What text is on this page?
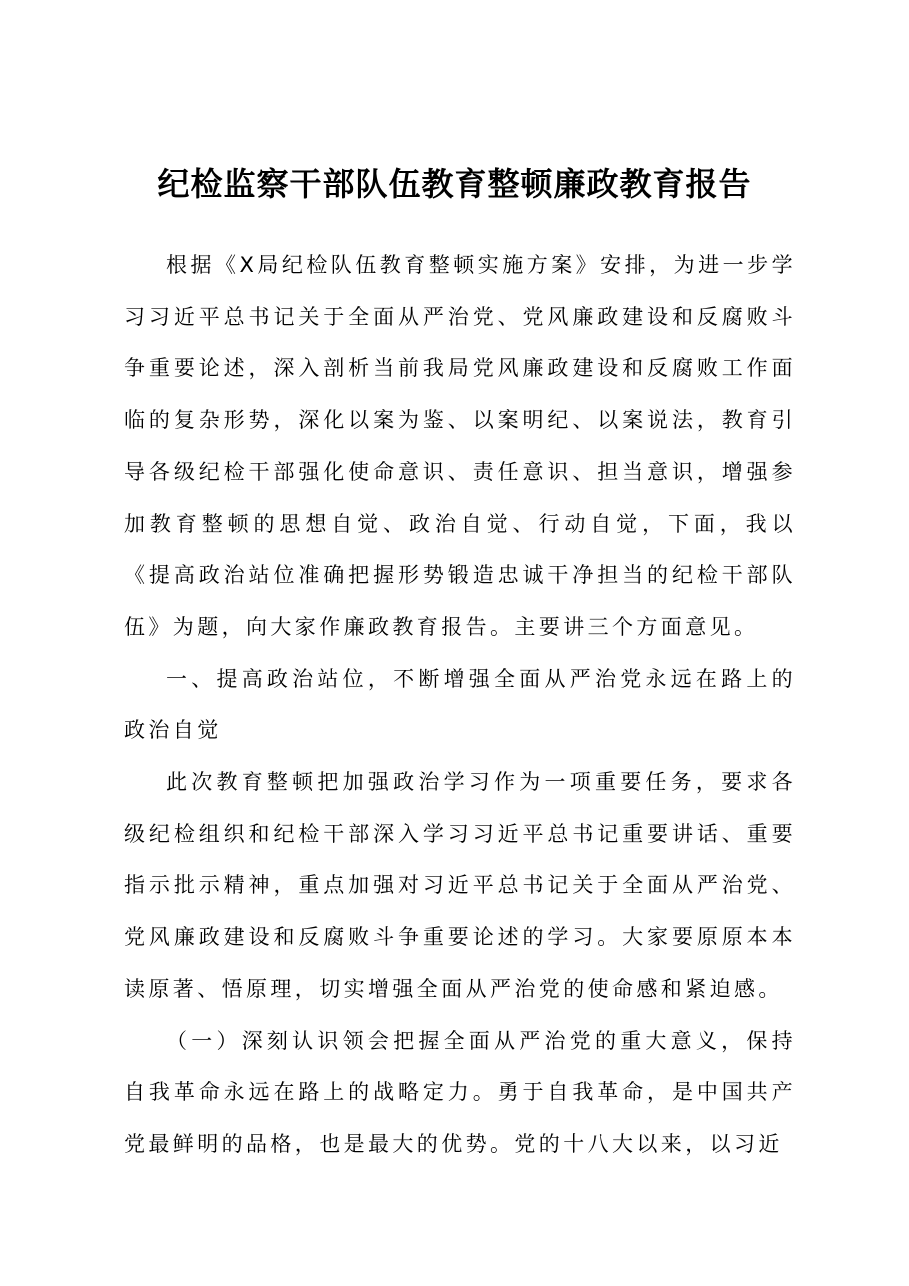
纪检监察干部队伍教育整顿廉政教育报告

根据《X局纪检队伍教育整顿实施方案》安排，为进一步学习习近平总书记关于全面从严治党、党风廉政建设和反腐败斗争重要论述，深入剖析当前我局党风廉政建设和反腐败工作面临的复杂形势，深化以案为鉴、以案明纪、以案说法，教育引导各级纪检干部强化使命意识、责任意识、担当意识，增强参加教育整顿的思想自觉、政治自觉、行动自觉，下面，我以《提高政治站位准确把握形势锻造忠诚干净担当的纪检干部队伍》为题，向大家作廉政教育报告。主要讲三个方面意见。

一、提高政治站位，不断增强全面从严治党永远在路上的政治自觉

此次教育整顿把加强政治学习作为一项重要任务，要求各级纪检组织和纪检干部深入学习习近平总书记重要讲话、重要指示批示精神，重点加强对习近平总书记关于全面从严治党、党风廉政建设和反腐败斗争重要论述的学习。大家要原原本本读原著、悟原理，切实增强全面从严治党的使命感和紧迫感。

（一）深刻认识领会把握全面从严治党的重大意义，保持自我革命永远在路上的战略定力。勇于自我革命，是中国共产党最鲜明的品格，也是最大的优势。党的十八大以来，以习近
